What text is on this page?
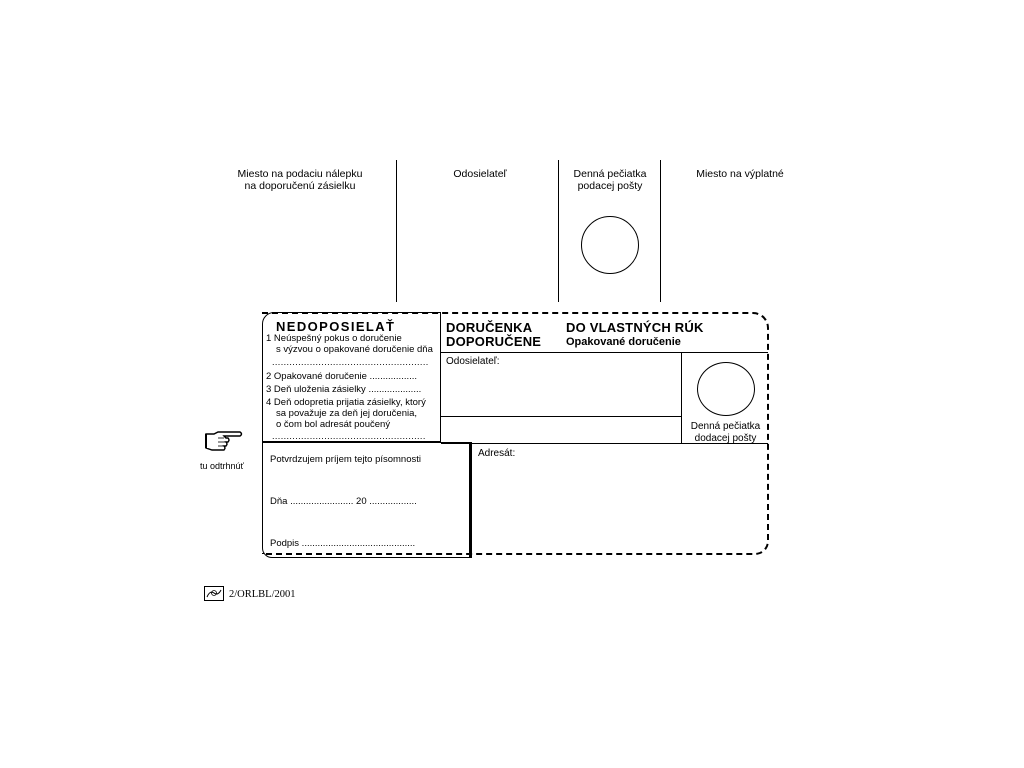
Miesto na podaciu nálepku
na doporučenú zásielku
Odosielateľ	Denná pečiatka
podacej pošty
Miesto na výplatné
NEDOPOSIELAŤ
1 Neúspešný pokus o doručenie
s výzvou o opakované doručenie dňa
......................................................
2 Opakované doručenie ..................
3 Deň uloženia zásielky ....................
4 Deň odopretia prijatia zásielky, ktorý
sa považuje za deň jej doručenia,
o čom bol adresát poučený
.....................................................
DORUČENKA
DOPORUČENE
DO VLASTNÝCH RÚK
Opakované doručenie
Odosielateľ:
Denná pečiatka
dodacej pošty
Potvrdzujem príjem tejto písomnosti
Dňa ........................ 20 ..................
Podpis ...........................................
Adresát:
tu odtrhnúť
2/ORLBL/2001
